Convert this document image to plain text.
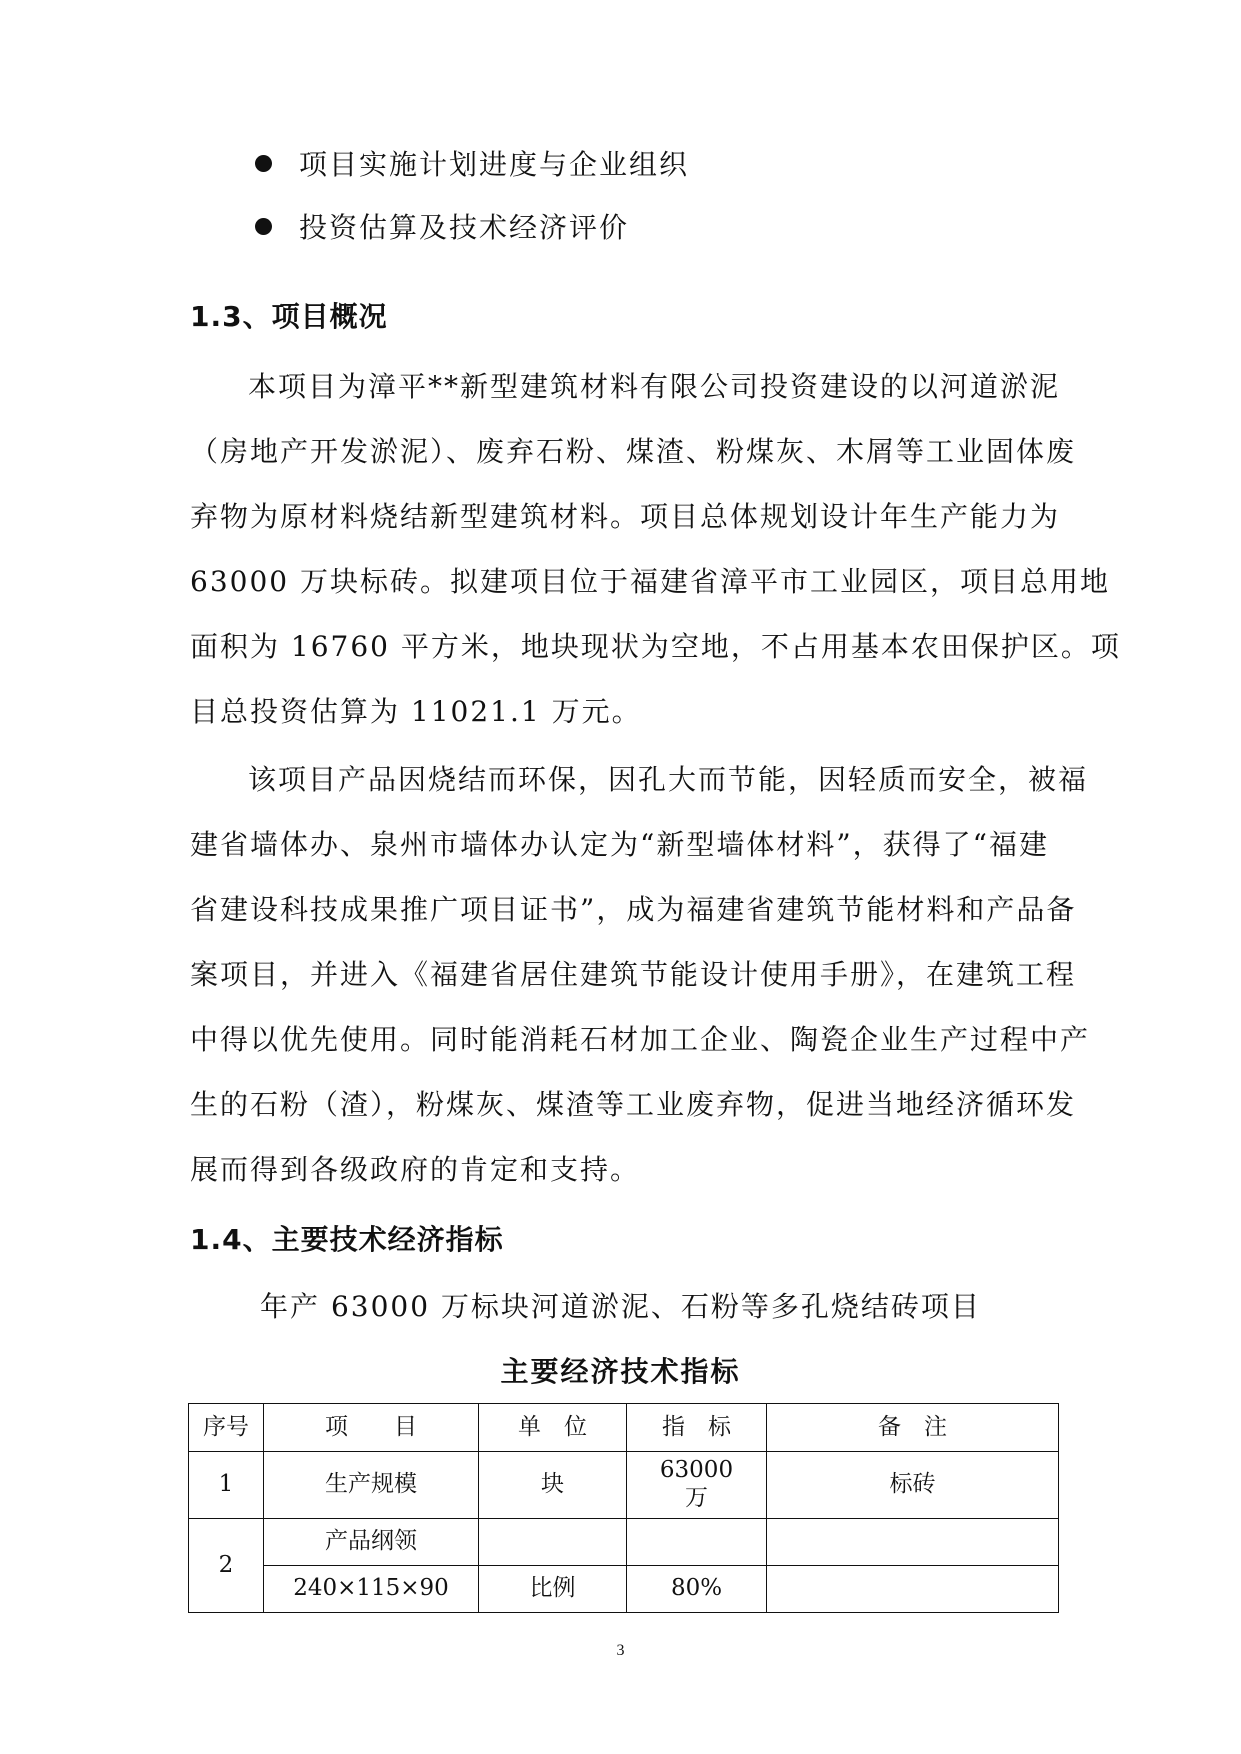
项目实施计划进度与企业组织
投资估算及技术经济评价
1.3、项目概况
本项目为漳平**新型建筑材料有限公司投资建设的以河道淤泥
（房地产开发淤泥）、废弃石粉、煤渣、粉煤灰、木屑等工业固体废
弃物为原材料烧结新型建筑材料。项目总体规划设计年生产能力为
63000 万块标砖。拟建项目位于福建省漳平市工业园区，项目总用地
面积为 16760 平方米，地块现状为空地，不占用基本农田保护区。项
目总投资估算为 11021.1 万元。
该项目产品因烧结而环保，因孔大而节能，因轻质而安全，被福
建省墙体办、泉州市墙体办认定为“新型墙体材料”，获得了“福建
省建设科技成果推广项目证书”，成为福建省建筑节能材料和产品备
案项目，并进入《福建省居住建筑节能设计使用手册》，在建筑工程
中得以优先使用。同时能消耗石材加工企业、陶瓷企业生产过程中产
生的石粉（渣），粉煤灰、煤渣等工业废弃物，促进当地经济循环发
展而得到各级政府的肯定和支持。
1.4、主要技术经济指标
年产 63000 万标块河道淤泥、石粉等多孔烧结砖项目
主要经济技术指标
序号	项　　目	单　位	指　标	备　注
1	生产规模	块	63000
万	标砖
2	产品纲领			
	240×115×90	比例	80%	
3
